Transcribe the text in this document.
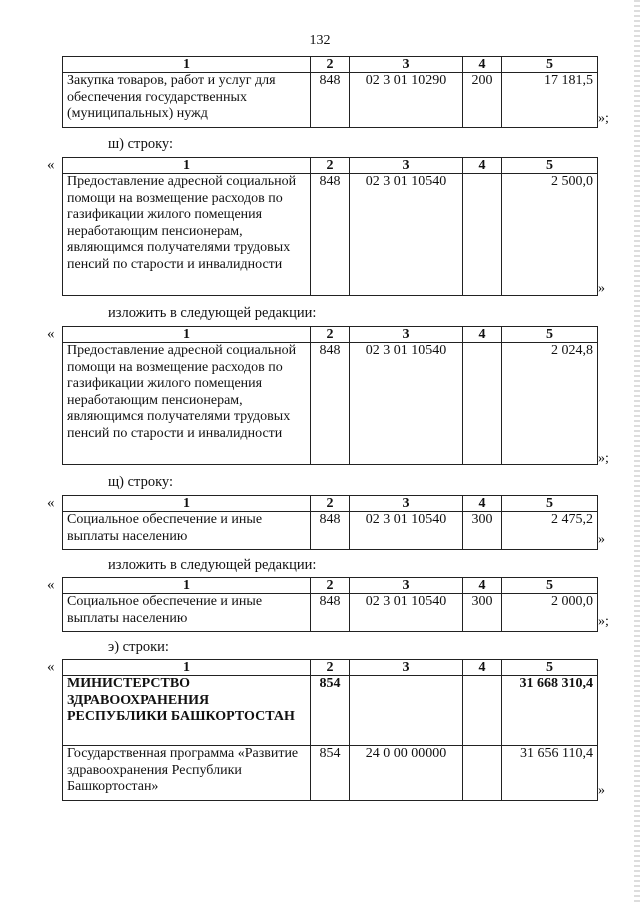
132
1	2	3	4	5
Закупка товаров, работ и услуг для обеспечения государственных (муниципальных) нужд	848	02 3 01 10290	200	17 181,5
»;
ш) строку:
«	1	2	3	4	5
Предоставление адресной социальной помощи на возмещение расходов по газификации жилого помещения неработающим пенсионерам, являющимся получателями трудовых пенсий по старости и инвалидности	848	02 3 01 10540		2 500,0
»
изложить в следующей редакции:
«	1	2	3	4	5
Предоставление адресной социальной помощи на возмещение расходов по газификации жилого помещения неработающим пенсионерам, являющимся получателями трудовых пенсий по старости и инвалидности	848	02 3 01 10540		2 024,8
»;
щ) строку:
«	1	2	3	4	5
Социальное обеспечение и иные выплаты населению	848	02 3 01 10540	300	2 475,2
»
изложить в следующей редакции:
«	1	2	3	4	5
Социальное обеспечение и иные выплаты населению	848	02 3 01 10540	300	2 000,0
»;
э) строки:
«	1	2	3	4	5
МИНИСТЕРСТВО ЗДРАВООХРАНЕНИЯ РЕСПУБЛИКИ БАШКОРТОСТАН	854			31 668 310,4
Государственная программа «Развитие здравоохранения Республики Башкортостан»	854	24 0 00 00000		31 656 110,4
»
